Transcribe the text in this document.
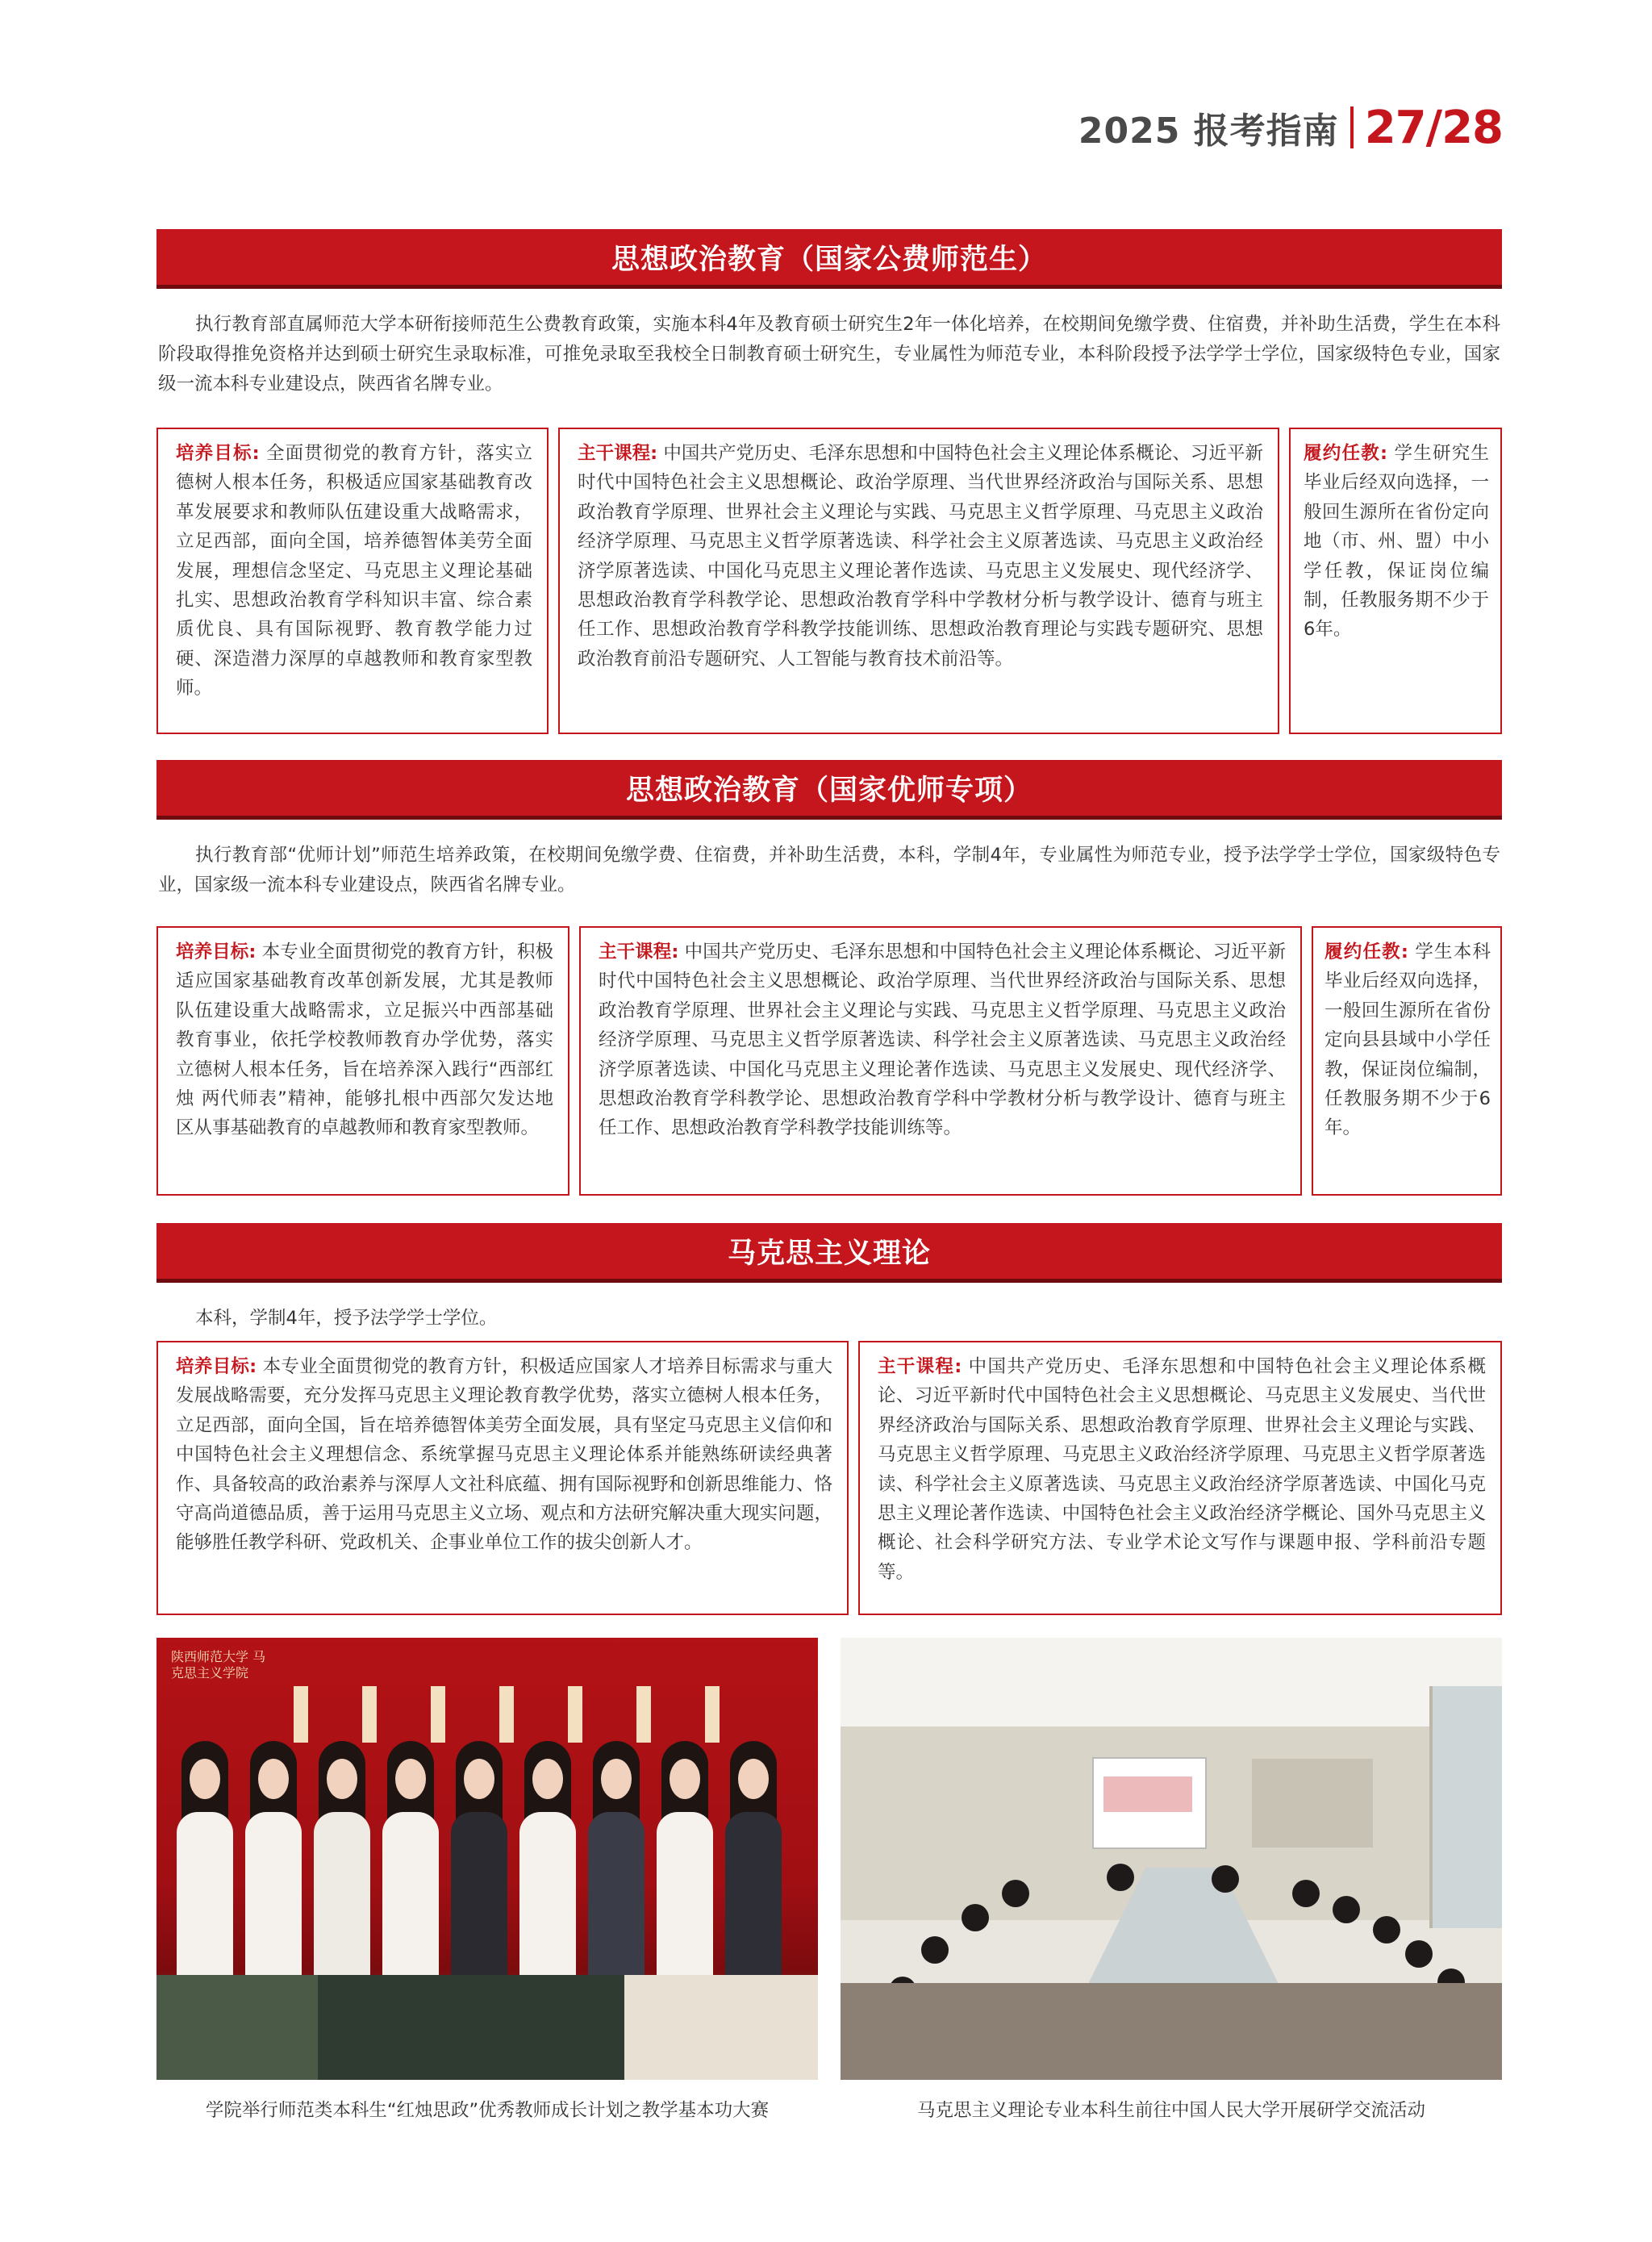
2025 报考指南 27/28
思想政治教育（国家公费师范生）

执行教育部直属师范大学本研衔接师范生公费教育政策，实施本科4年及教育硕士研究生2年一体化培养，在校期间免缴学费、住宿费，并补助生活费，学生在本科阶段取得推免资格并达到硕士研究生录取标准，可推免录取至我校全日制教育硕士研究生，专业属性为师范专业，本科阶段授予法学学士学位，国家级特色专业，国家级一流本科专业建设点，陕西省名牌专业。

培养目标: 全面贯彻党的教育方针，落实立德树人根本任务，积极适应国家基础教育改革发展要求和教师队伍建设重大战略需求，立足西部，面向全国，培养德智体美劳全面发展，理想信念坚定、马克思主义理论基础扎实、思想政治教育学科知识丰富、综合素质优良、具有国际视野、教育教学能力过硬、深造潜力深厚的卓越教师和教育家型教师。
主干课程: 中国共产党历史、毛泽东思想和中国特色社会主义理论体系概论、习近平新时代中国特色社会主义思想概论、政治学原理、当代世界经济政治与国际关系、思想政治教育学原理、世界社会主义理论与实践、马克思主义哲学原理、马克思主义政治经济学原理、马克思主义哲学原著选读、科学社会主义原著选读、马克思主义政治经济学原著选读、中国化马克思主义理论著作选读、马克思主义发展史、现代经济学、思想政治教育学科教学论、思想政治教育学科中学教材分析与教学设计、德育与班主任工作、思想政治教育学科教学技能训练、思想政治教育理论与实践专题研究、思想政治教育前沿专题研究、人工智能与教育技术前沿等。
履约任教: 学生研究生毕业后经双向选择，一般回生源所在省份定向地（市、州、盟）中小学任教，保证岗位编制，任教服务期不少于6年。
思想政治教育（国家优师专项）

执行教育部“优师计划”师范生培养政策，在校期间免缴学费、住宿费，并补助生活费，本科，学制4年，专业属性为师范专业，授予法学学士学位，国家级特色专业，国家级一流本科专业建设点，陕西省名牌专业。

培养目标: 本专业全面贯彻党的教育方针，积极适应国家基础教育改革创新发展，尤其是教师队伍建设重大战略需求，立足振兴中西部基础教育事业，依托学校教师教育办学优势，落实立德树人根本任务，旨在培养深入践行“西部红烛 两代师表”精神，能够扎根中西部欠发达地区从事基础教育的卓越教师和教育家型教师。
主干课程: 中国共产党历史、毛泽东思想和中国特色社会主义理论体系概论、习近平新时代中国特色社会主义思想概论、政治学原理、当代世界经济政治与国际关系、思想政治教育学原理、世界社会主义理论与实践、马克思主义哲学原理、马克思主义政治经济学原理、马克思主义哲学原著选读、科学社会主义原著选读、马克思主义政治经济学原著选读、中国化马克思主义理论著作选读、马克思主义发展史、现代经济学、思想政治教育学科教学论、思想政治教育学科中学教材分析与教学设计、德育与班主任工作、思想政治教育学科教学技能训练等。
履约任教: 学生本科毕业后经双向选择，一般回生源所在省份定向县县域中小学任教，保证岗位编制，任教服务期不少于6年。
马克思主义理论

本科，学制4年，授予法学学士学位。

培养目标: 本专业全面贯彻党的教育方针，积极适应国家人才培养目标需求与重大发展战略需要，充分发挥马克思主义理论教育教学优势，落实立德树人根本任务，立足西部，面向全国，旨在培养德智体美劳全面发展，具有坚定马克思主义信仰和中国特色社会主义理想信念、系统掌握马克思主义理论体系并能熟练研读经典著作、具备较高的政治素养与深厚人文社科底蕴、拥有国际视野和创新思维能力、恪守高尚道德品质，善于运用马克思主义立场、观点和方法研究解决重大现实问题，能够胜任教学科研、党政机关、企事业单位工作的拔尖创新人才。
主干课程: 中国共产党历史、毛泽东思想和中国特色社会主义理论体系概论、习近平新时代中国特色社会主义思想概论、马克思主义发展史、当代世界经济政治与国际关系、思想政治教育学原理、世界社会主义理论与实践、马克思主义哲学原理、马克思主义政治经济学原理、马克思主义哲学原著选读、科学社会主义原著选读、马克思主义政治经济学原著选读、中国化马克思主义理论著作选读、中国特色社会主义政治经济学概论、国外马克思主义概论、社会科学研究方法、专业学术论文写作与课题申报、学科前沿专题等。
陕西师范大学 马克思主义学院
学院举行师范类本科生“红烛思政”优秀教师成长计划之教学基本功大赛	马克思主义理论专业本科生前往中国人民大学开展研学交流活动
